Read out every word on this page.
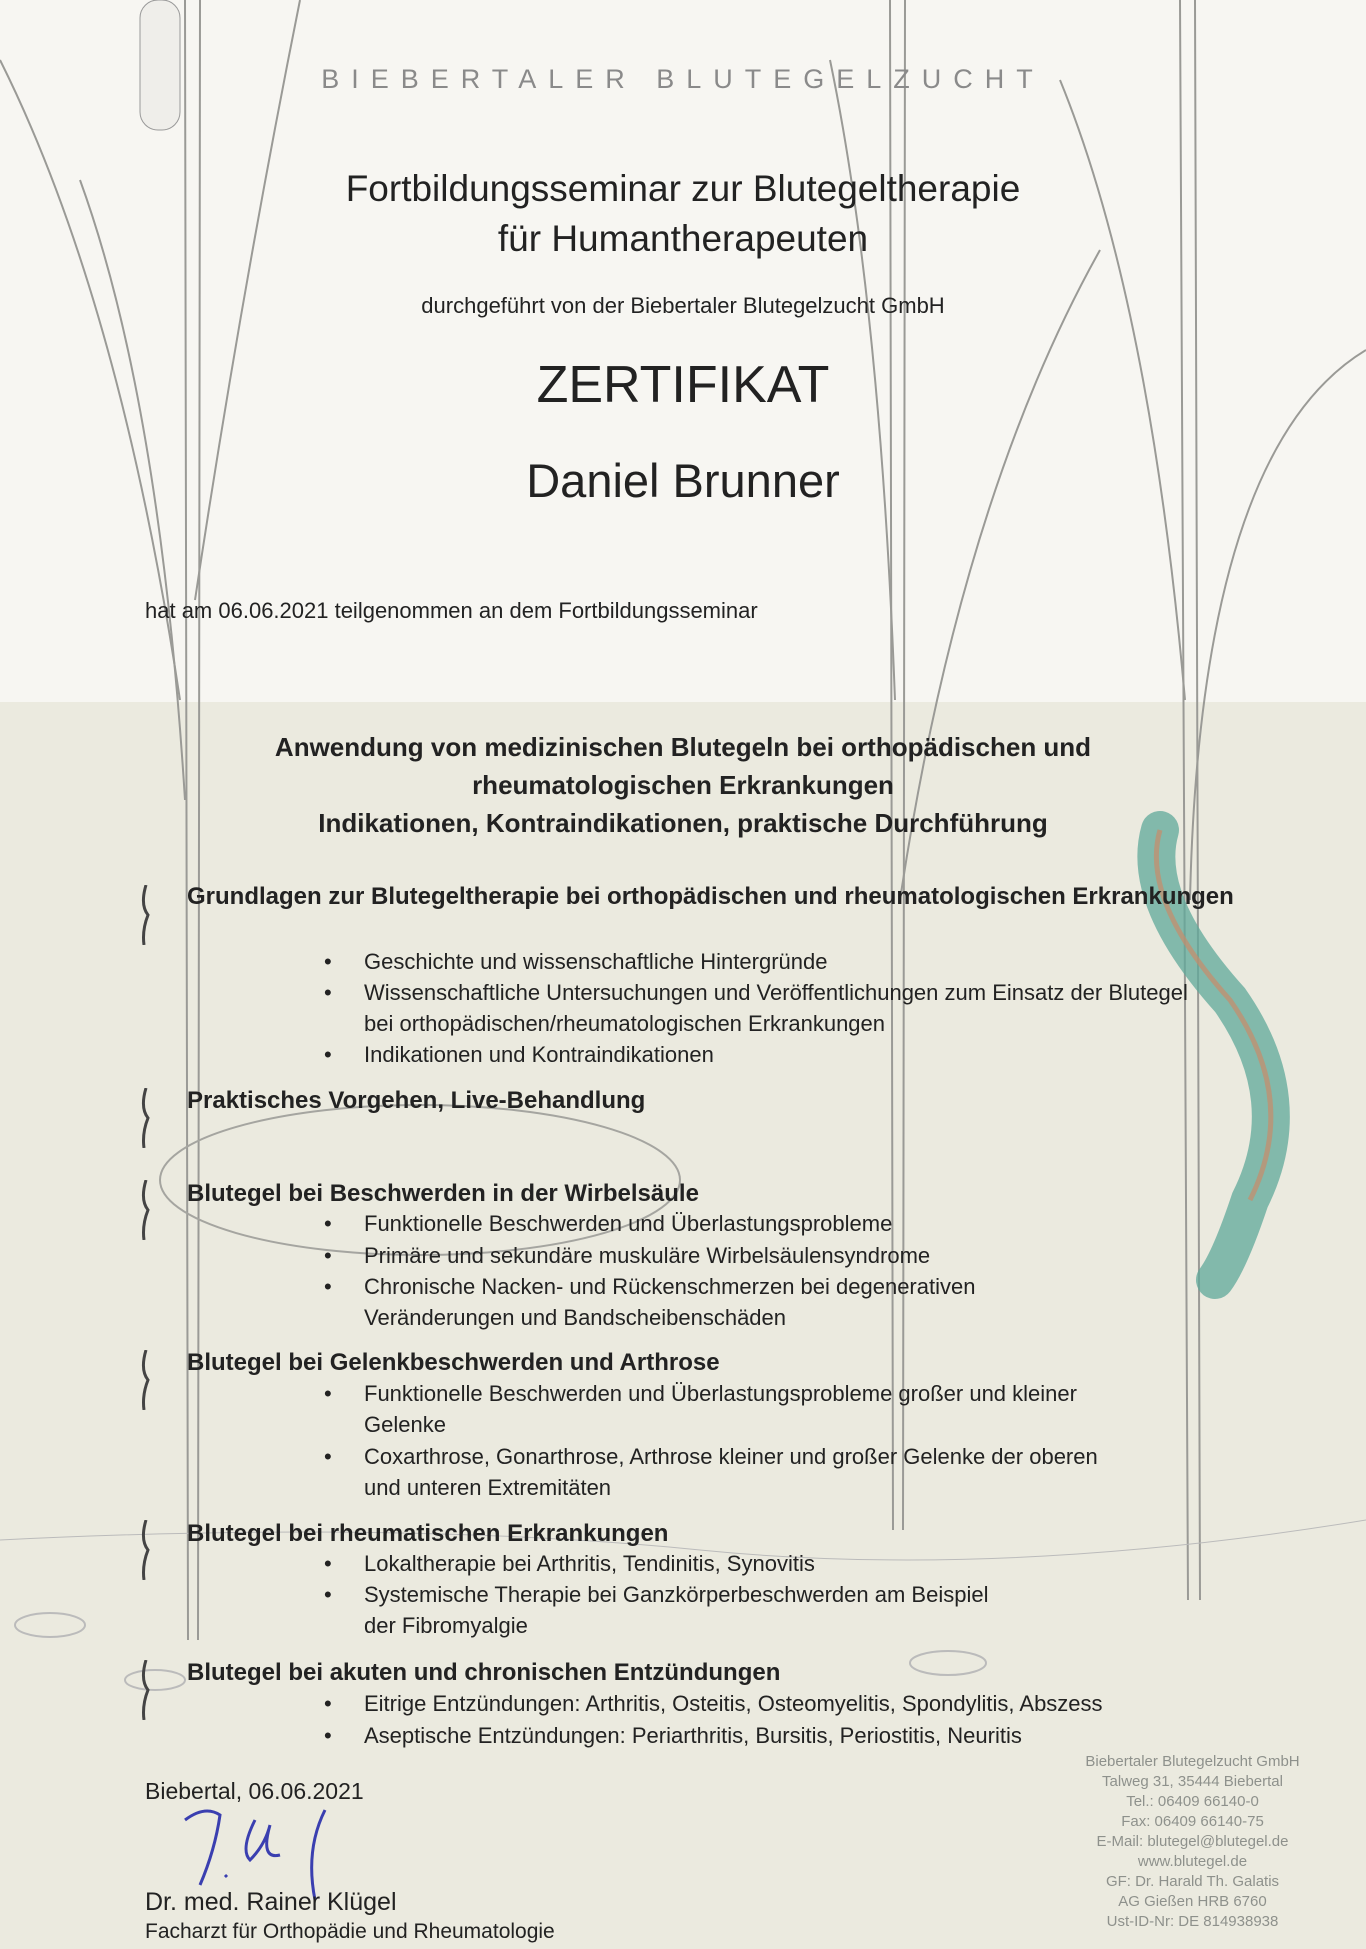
BIEBERTALER BLUTEGELZUCHT
Fortbildungsseminar zur Blutegeltherapie
für Humantherapeuten
durchgeführt von der Biebertaler Blutegelzucht GmbH
ZERTIFIKAT
Daniel Brunner
hat am 06.06.2021 teilgenommen an dem Fortbildungsseminar
Anwendung von medizinischen Blutegeln bei orthopädischen und
rheumatologischen Erkrankungen
Indikationen, Kontraindikationen, praktische Durchführung
Grundlagen zur Blutegeltherapie bei orthopädischen und rheumatologischen Erkrankungen
• Geschichte und wissenschaftliche Hintergründe
• Wissenschaftliche Untersuchungen und Veröffentlichungen zum Einsatz der Blutegel bei orthopädischen/rheumatologischen Erkrankungen
• Indikationen und Kontraindikationen
Praktisches Vorgehen, Live-Behandlung
Blutegel bei Beschwerden in der Wirbelsäule
• Funktionelle Beschwerden und Überlastungsprobleme
• Primäre und sekundäre muskuläre Wirbelsäulensyndrome
• Chronische Nacken- und Rückenschmerzen bei degenerativen Veränderungen und Bandscheibenschäden
Blutegel bei Gelenkbeschwerden und Arthrose
• Funktionelle Beschwerden und Überlastungsprobleme großer und kleiner Gelenke
• Coxarthrose, Gonarthrose, Arthrose kleiner und großer Gelenke der oberen und unteren Extremitäten
Blutegel bei rheumatischen Erkrankungen
• Lokaltherapie bei Arthritis, Tendinitis, Synovitis
• Systemische Therapie bei Ganzkörperbeschwerden am Beispiel der Fibromyalgie
Blutegel bei akuten und chronischen Entzündungen
• Eitrige Entzündungen: Arthritis, Osteitis, Osteomyelitis, Spondylitis, Abszess
• Aseptische Entzündungen: Periarthritis, Bursitis, Periostitis, Neuritis
Biebertal, 06.06.2021
Dr. med. Rainer Klügel
Facharzt für Orthopädie und Rheumatologie
Biebertaler Blutegelzucht GmbH
Talweg 31, 35444 Biebertal
Tel.: 06409 66140-0
Fax: 06409 66140-75
E-Mail: blutegel@blutegel.de
www.blutegel.de
GF: Dr. Harald Th. Galatis
AG Gießen HRB 6760
Ust-ID-Nr: DE 814938938
